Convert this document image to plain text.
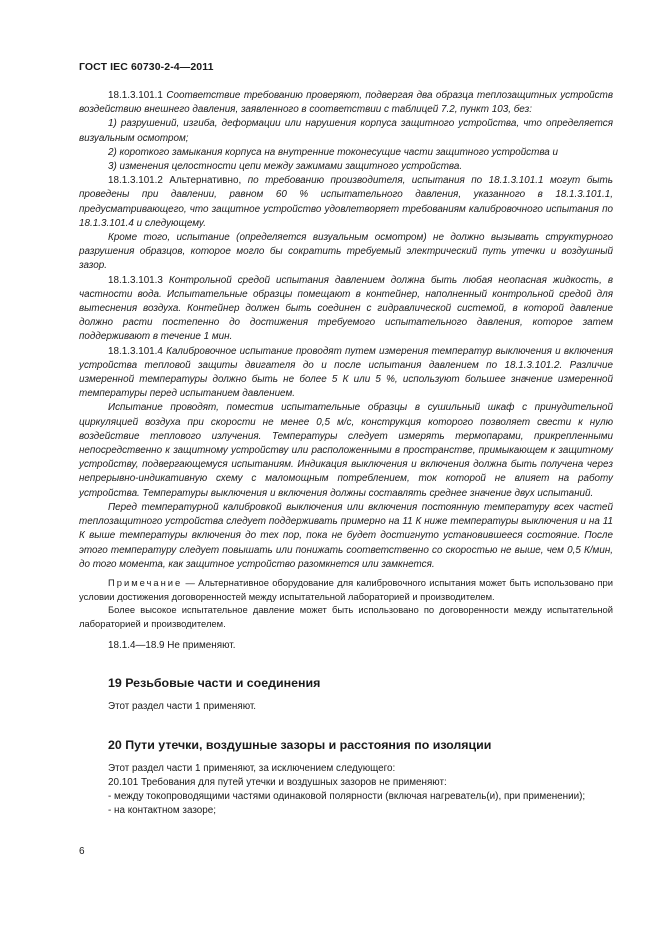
ГОСТ IEC 60730-2-4—2011

18.1.3.101.1 Соответствие требованию проверяют, подвергая два образца теплозащитных устройств воздействию внешнего давления, заявленного в соответствии с таблицей 7.2, пункт 103, без:

1) разрушений, изгиба, деформации или нарушения корпуса защитного устройства, что определяется визуальным осмотром;

2) короткого замыкания корпуса на внутренние токонесущие части защитного устройства и

3) изменения целостности цепи между зажимами защитного устройства.

18.1.3.101.2 Альтернативно, по требованию производителя, испытания по 18.1.3.101.1 могут быть проведены при давлении, равном 60 % испытательного давления, указанного в 18.1.3.101.1, предусматривающего, что защитное устройство удовлетворяет требованиям калибровочного испытания по 18.1.3.101.4 и следующему.

Кроме того, испытание (определяется визуальным осмотром) не должно вызывать структурного разрушения образцов, которое могло бы сократить требуемый электрический путь утечки и воздушный зазор.

18.1.3.101.3 Контрольной средой испытания давлением должна быть любая неопасная жидкость, в частности вода. Испытательные образцы помещают в контейнер, наполненный контрольной средой для вытеснения воздуха. Контейнер должен быть соединен с гидравлической системой, в которой давление должно расти постепенно до достижения требуемого испытательного давления, которое затем поддерживают в течение 1 мин.

18.1.3.101.4 Калибровочное испытание проводят путем измерения температур выключения и включения устройства тепловой защиты двигателя до и после испытания давлением по 18.1.3.101.2. Различие измеренной температуры должно быть не более 5 К или 5 %, используют большее значение измеренной температуры перед испытанием давлением.

Испытание проводят, поместив испытательные образцы в сушильный шкаф с принудительной циркуляцией воздуха при скорости не менее 0,5 м/с, конструкция которого позволяет свести к нулю воздействие теплового излучения. Температуры следует измерять термопарами, прикрепленными непосредственно к защитному устройству или расположенными в пространстве, примыкающем к защитному устройству, подвергающемуся испытаниям. Индикация выключения и включения должна быть получена через непрерывно-индикативную схему с маломощным потреблением, ток которой не влияет на работу устройства. Температуры выключения и включения должны составлять среднее значение двух испытаний.

Перед температурной калибровкой выключения или включения постоянную температуру всех частей теплозащитного устройства следует поддерживать примерно на 11 К ниже температуры выключения и на 11 К выше температуры включения до тех пор, пока не будет достигнуто установившееся состояние. После этого температуру следует повышать или понижать соответственно со скоростью не выше, чем 0,5 К/мин, до того момента, как защитное устройство разомкнется или замкнется.

Примечание — Альтернативное оборудование для калибровочного испытания может быть использовано при условии достижения договоренностей между испытательной лабораторией и производителем.

Более высокое испытательное давление может быть использовано по договоренности между испытательной лабораторией и производителем.

18.1.4—18.9 Не применяют.

19 Резьбовые части и соединения

Этот раздел части 1 применяют.

20 Пути утечки, воздушные зазоры и расстояния по изоляции

Этот раздел части 1 применяют, за исключением следующего:

20.101 Требования для путей утечки и воздушных зазоров не применяют:

- между токопроводящими частями одинаковой полярности (включая нагреватель(и), при применении);

- на контактном зазоре;

6
